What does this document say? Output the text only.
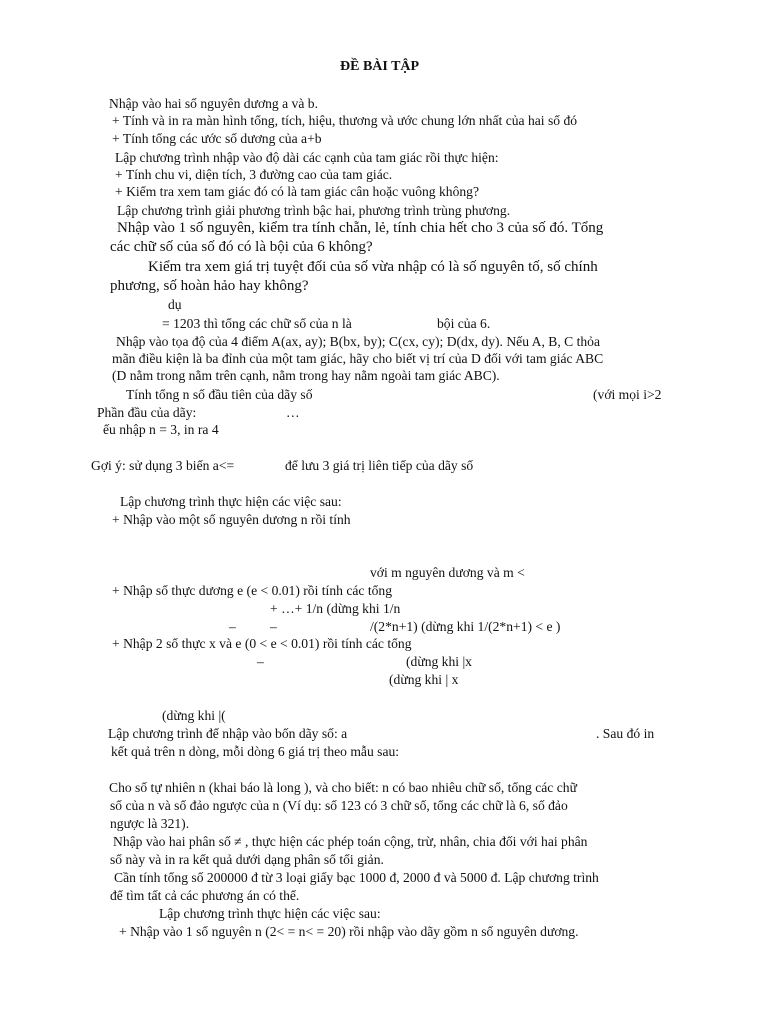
ĐỀ BÀI TẬP
Nhập vào hai số nguyên dương a và b.
+ Tính và in ra màn hình tổng, tích, hiệu, thương và ước chung lớn nhất của hai số đó
+ Tính tổng các ước số dương của a+b
Lập chương trình nhập vào độ dài các cạnh của tam giác rồi thực hiện:
+ Tính chu vi, diện tích, 3 đường cao của tam giác.
+ Kiểm tra xem tam giác đó có là tam giác cân hoặc vuông không?
Lập chương trình giải phương trình bậc hai, phương trình trùng phương.
Nhập vào 1 số nguyên, kiểm tra tính chẵn, lẻ, tính chia hết cho 3 của số đó. Tổng
các chữ số của số đó có là bội của 6 không?
Kiểm tra xem giá trị tuyệt đối của số vừa nhập có là số nguyên tố, số chính
phương, số hoàn hảo hay không?
dụ
= 1203 thì tổng các chữ số của n là	bội của 6.
Nhập vào tọa độ của 4 điểm A(ax, ay); B(bx, by); C(cx, cy); D(dx, dy). Nếu A, B, C thỏa
mãn điều kiện là ba đỉnh của một tam giác, hãy cho biết vị trí của D đối với tam giác ABC
(D nằm trong nằm trên cạnh, nằm trong hay nằm ngoài tam giác ABC).
Tính tổng n số đầu tiên của dãy số	(với mọi i>2
Phần đầu của dãy:	…
ếu nhập n = 3, in ra 4
Gợi ý: sử dụng 3 biến a<=	để lưu 3 giá trị liên tiếp của dãy số
Lập chương trình thực hiện các việc sau:
+ Nhập vào một số nguyên dương n rồi tính
với m nguyên dương và m <
+ Nhập số thực dương e (e < 0.01) rồi tính các tổng
+ …+ 1/n (dừng khi 1/n
–	–	/(2*n+1) (dừng khi 1/(2*n+1) < e )
+ Nhập 2 số thực x và e (0 < e < 0.01) rồi tính các tổng
–	(dừng khi |x
(dừng khi | x
(dừng khi |(
Lập chương trình để nhập vào bốn dãy số: a	. Sau đó in
kết quả trên n dòng, mỗi dòng 6 giá trị theo mẫu sau:
Cho số tự nhiên n (khai báo là long ), và cho biết: n có bao nhiêu chữ số, tổng các chữ
số của n và số đảo ngược của n (Ví dụ: số 123 có 3 chữ số, tổng các chữ là 6, số đảo
ngược là 321).
Nhập vào hai phân số ≠ , thực hiện các phép toán cộng, trừ, nhân, chia đối với hai phân
số này và in ra kết quả dưới dạng phân số tối giản.
Cần tính tổng số 200000 đ từ 3 loại giấy bạc 1000 đ, 2000 đ và 5000 đ. Lập chương trình
để tìm tất cả các phương án có thể.
Lập chương trình thực hiện các việc sau:
+ Nhập vào 1 số nguyên n (2< = n< = 20) rồi nhập vào dãy gồm n số nguyên dương.
